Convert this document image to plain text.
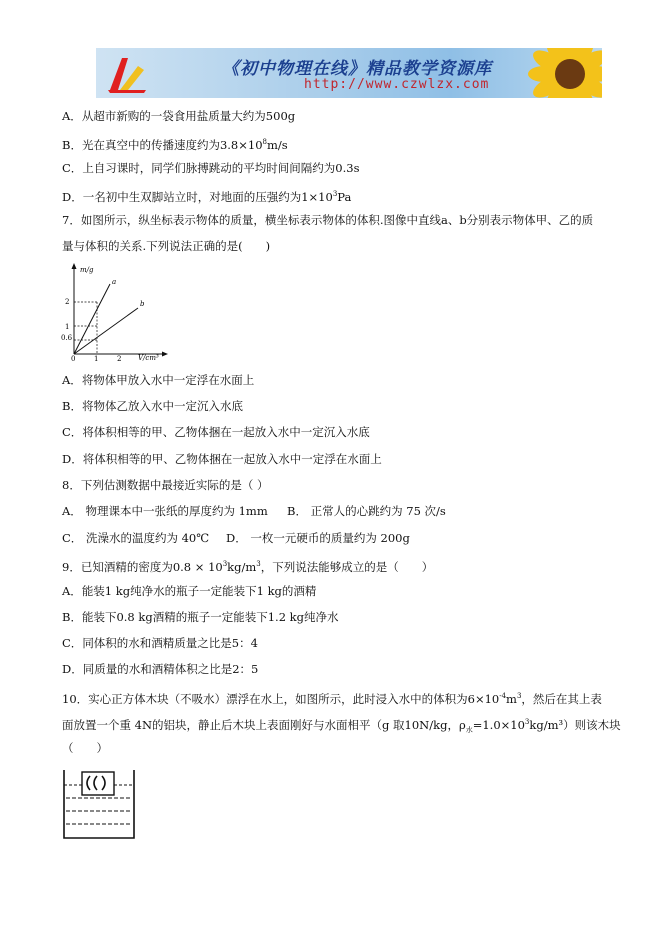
《初中物理在线》精品教学资源库
http://www.czwlzx.com
A．从超市新购的一袋食用盐质量大约为500g
B．光在真空中的传播速度约为$3.8\times 10^8m/s$
C．上自习课时，同学们脉搏跳动的平均时间间隔约为0.3s
D．一名初中生双脚站立时，对地面的压强约为$1\times 10^3Pa$
7．如图所示，纵坐标表示物体的质量，横坐标表示物体的体积.图像中直线a、b分别表示物体甲、乙的质
量与体积的关系.下列说法正确的是(　　)
m/g
V/cm³
2
1
0.6
0	1	2
a
b
A．将物体甲放入水中一定浮在水面上
B．将物体乙放入水中一定沉入水底
C．将体积相等的甲、乙物体捆在一起放入水中一定沉入水底
D．将体积相等的甲、乙物体捆在一起放入水中一定浮在水面上
8．下列估测数据中最接近实际的是（ ）
A． 物理课本中一张纸的厚度约为 1mm B． 正常人的心跳约为 75 次/s
C． 洗澡水的温度约为 40℃ D． 一枚一元硬币的质量约为 200g
9．已知酒精的密度为$0.8 \times 10^3kg/m^3$，下列说法能够成立的是（　　）
A．能装1 kg纯净水的瓶子一定能装下1 kg的酒精
B．能装下0.8 kg酒精的瓶子一定能装下1.2 kg纯净水
C．同体积的水和酒精质量之比是5：4
D．同质量的水和酒精体积之比是2：5
10．实心正方体木块（不吸水）漂浮在水上，如图所示，此时浸入水中的体积为$6\times 10^{-4}m^3$，然后在其上表
面放置一个重 4N的铝块，静止后木块上表面刚好与水面相平（g 取10N/kg，$\rho_水=1.0\times 10^3kg/m^3$）则该木块
（　　）
